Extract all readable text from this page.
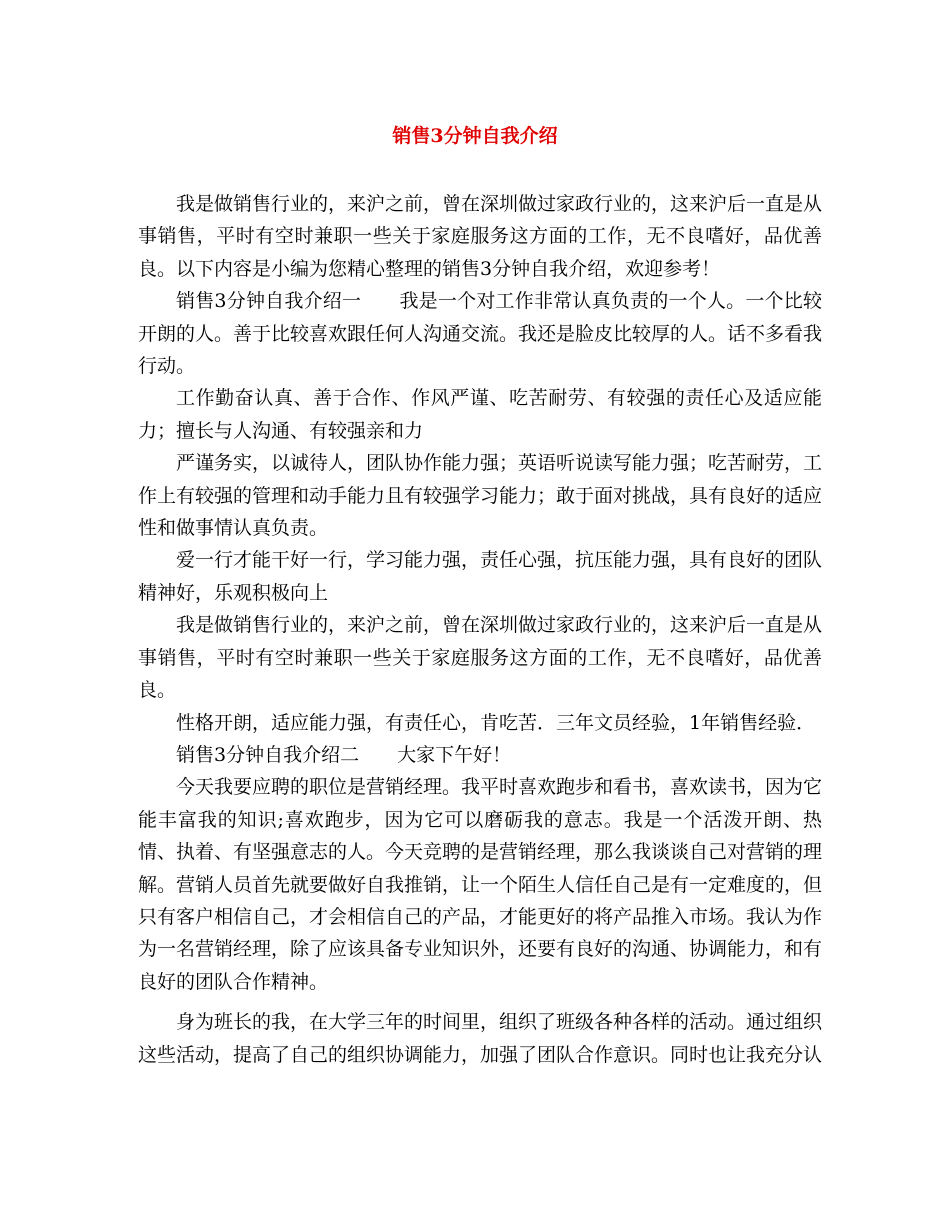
销售3分钟自我介绍

我是做销售行业的，来沪之前，曾在深圳做过家政行业的，这来沪后一直是从事销售，平时有空时兼职一些关于家庭服务这方面的工作，无不良嗜好，品优善良。以下内容是小编为您精心整理的销售3分钟自我介绍，欢迎参考！

销售3分钟自我介绍一 我是一个对工作非常认真负责的一个人。一个比较开朗的人。善于比较喜欢跟任何人沟通交流。我还是脸皮比较厚的人。话不多看我行动。

工作勤奋认真、善于合作、作风严谨、吃苦耐劳、有较强的责任心及适应能力；擅长与人沟通、有较强亲和力

严谨务实，以诚待人，团队协作能力强；英语听说读写能力强；吃苦耐劳，工作上有较强的管理和动手能力且有较强学习能力；敢于面对挑战，具有良好的适应性和做事情认真负责。

爱一行才能干好一行，学习能力强，责任心强，抗压能力强，具有良好的团队精神好，乐观积极向上

我是做销售行业的，来沪之前，曾在深圳做过家政行业的，这来沪后一直是从事销售，平时有空时兼职一些关于家庭服务这方面的工作，无不良嗜好，品优善良。

性格开朗，适应能力强，有责任心，肯吃苦．三年文员经验，1年销售经验．

销售3分钟自我介绍二 大家下午好！

今天我要应聘的职位是营销经理。我平时喜欢跑步和看书，喜欢读书，因为它能丰富我的知识;喜欢跑步，因为它可以磨砺我的意志。我是一个活泼开朗、热情、执着、有坚强意志的人。今天竞聘的是营销经理，那么我谈谈自己对营销的理解。营销人员首先就要做好自我推销，让一个陌生人信任自己是有一定难度的，但只有客户相信自己，才会相信自己的产品，才能更好的将产品推入市场。我认为作为一名营销经理，除了应该具备专业知识外，还要有良好的沟通、协调能力，和有良好的团队合作精神。

身为班长的我，在大学三年的时间里，组织了班级各种各样的活动。通过组织这些活动，提高了自己的组织协调能力，加强了团队合作意识。同时也让我充分认
